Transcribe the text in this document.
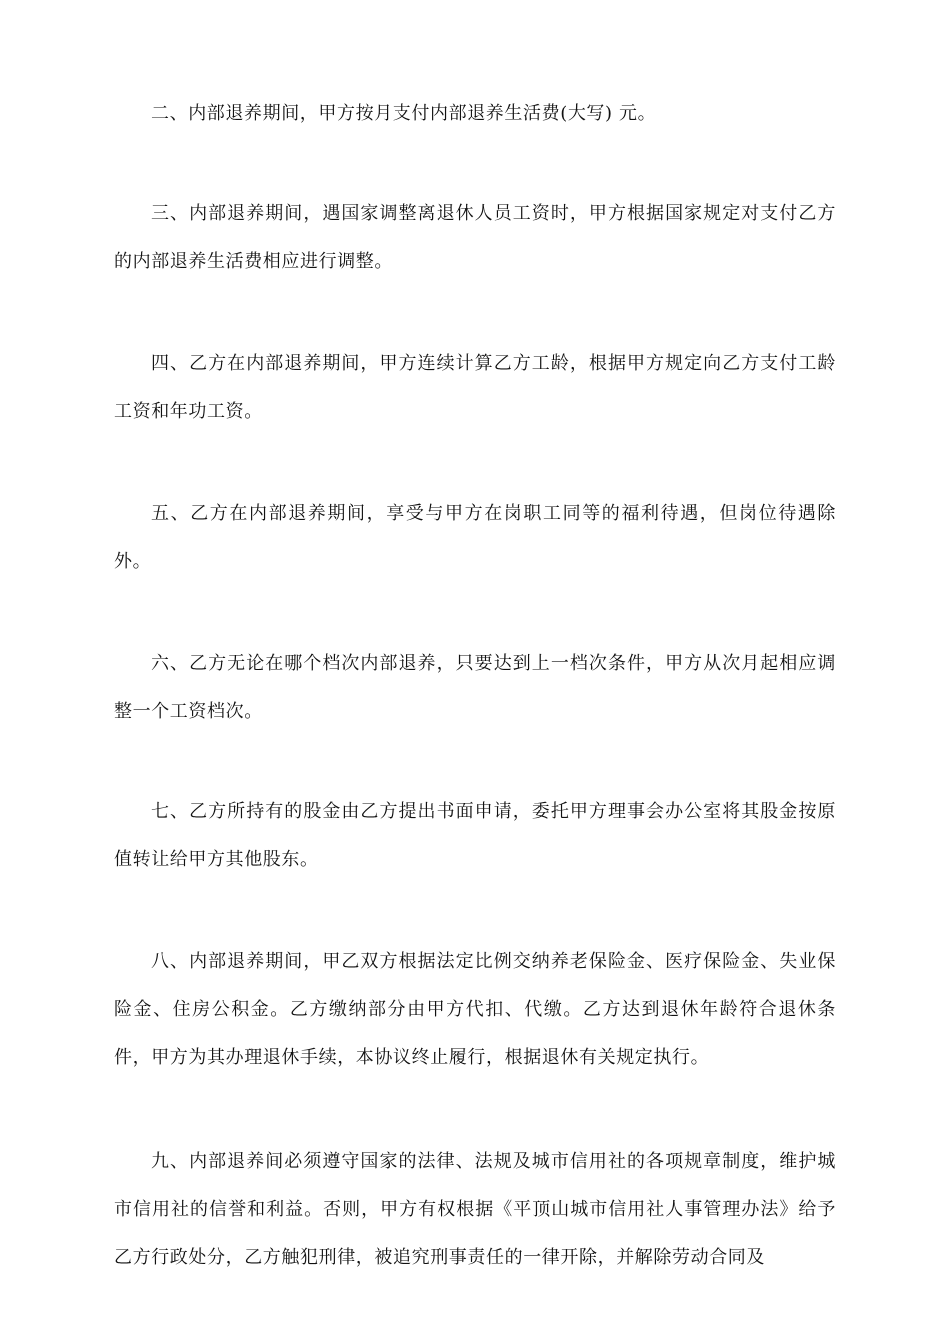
二、内部退养期间，甲方按月支付内部退养生活费(大写) 元。

三、内部退养期间，遇国家调整离退休人员工资时，甲方根据国家规定对支付乙方的内部退养生活费相应进行调整。

四、乙方在内部退养期间，甲方连续计算乙方工龄，根据甲方规定向乙方支付工龄工资和年功工资。

五、乙方在内部退养期间，享受与甲方在岗职工同等的福利待遇，但岗位待遇除外。

六、乙方无论在哪个档次内部退养，只要达到上一档次条件，甲方从次月起相应调整一个工资档次。

七、乙方所持有的股金由乙方提出书面申请，委托甲方理事会办公室将其股金按原值转让给甲方其他股东。

八、内部退养期间，甲乙双方根据法定比例交纳养老保险金、医疗保险金、失业保险金、住房公积金。乙方缴纳部分由甲方代扣、代缴。乙方达到退休年龄符合退休条件，甲方为其办理退休手续，本协议终止履行，根据退休有关规定执行。

九、内部退养间必须遵守国家的法律、法规及城市信用社的各项规章制度，维护城市信用社的信誉和利益。否则，甲方有权根据《平顶山城市信用社人事管理办法》给予乙方行政处分，乙方触犯刑律，被追究刑事责任的一律开除，并解除劳动合同及
